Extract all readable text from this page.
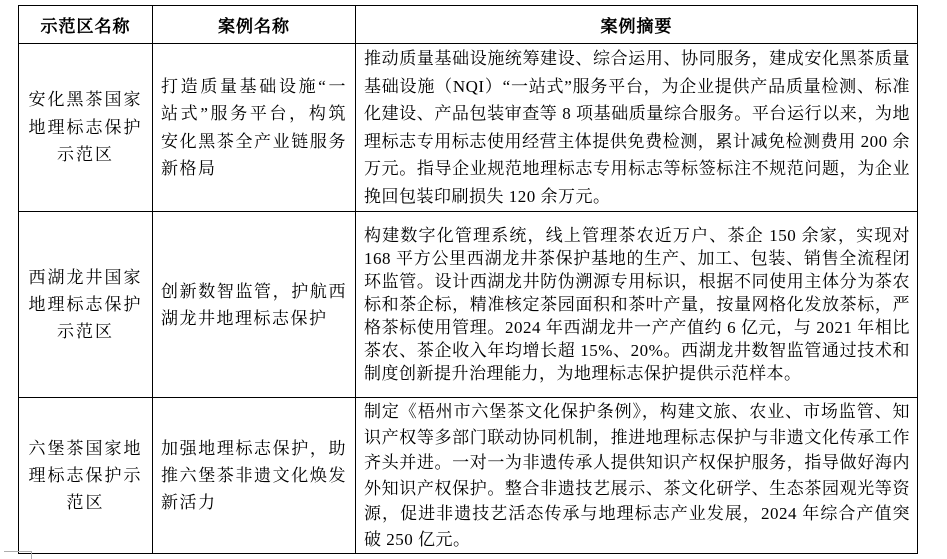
示范区名称	案例名称	案例摘要
安化黑茶国家地理标志保护示范区	打造质量基础设施“一站式”服务平台，构筑安化黑茶全产业链服务新格局	推动质量基础设施统筹建设、综合运用、协同服务，建成安化黑茶质量基础设施（NQI）“一站式”服务平台，为企业提供产品质量检测、标准化建设、产品包装审查等 8 项基础质量综合服务。平台运行以来，为地理标志专用标志使用经营主体提供免费检测，累计减免检测费用 200 余万元。指导企业规范地理标志专用标志等标签标注不规范问题，为企业挽回包装印刷损失 120 余万元。
西湖龙井国家地理标志保护示范区	创新数智监管，护航西湖龙井地理标志保护	构建数字化管理系统，线上管理茶农近万户、茶企 150 余家，实现对 168 平方公里西湖龙井茶保护基地的生产、加工、包装、销售全流程闭环监管。设计西湖龙井防伪溯源专用标识，根据不同使用主体分为茶农标和茶企标，精准核定茶园面积和茶叶产量，按量网格化发放茶标，严格茶标使用管理。2024 年西湖龙井一产产值约 6 亿元，与 2021 年相比茶农、茶企收入年均增长超 15%、20%。西湖龙井数智监管通过技术和制度创新提升治理能力，为地理标志保护提供示范样本。
六堡茶国家地理标志保护示范区	加强地理标志保护，助推六堡茶非遗文化焕发新活力	制定《梧州市六堡茶文化保护条例》，构建文旅、农业、市场监管、知识产权等多部门联动协同机制，推进地理标志保护与非遗文化传承工作齐头并进。一对一为非遗传承人提供知识产权保护服务，指导做好海内外知识产权保护。整合非遗技艺展示、茶文化研学、生态茶园观光等资源，促进非遗技艺活态传承与地理标志产业发展，2024 年综合产值突破 250 亿元。
